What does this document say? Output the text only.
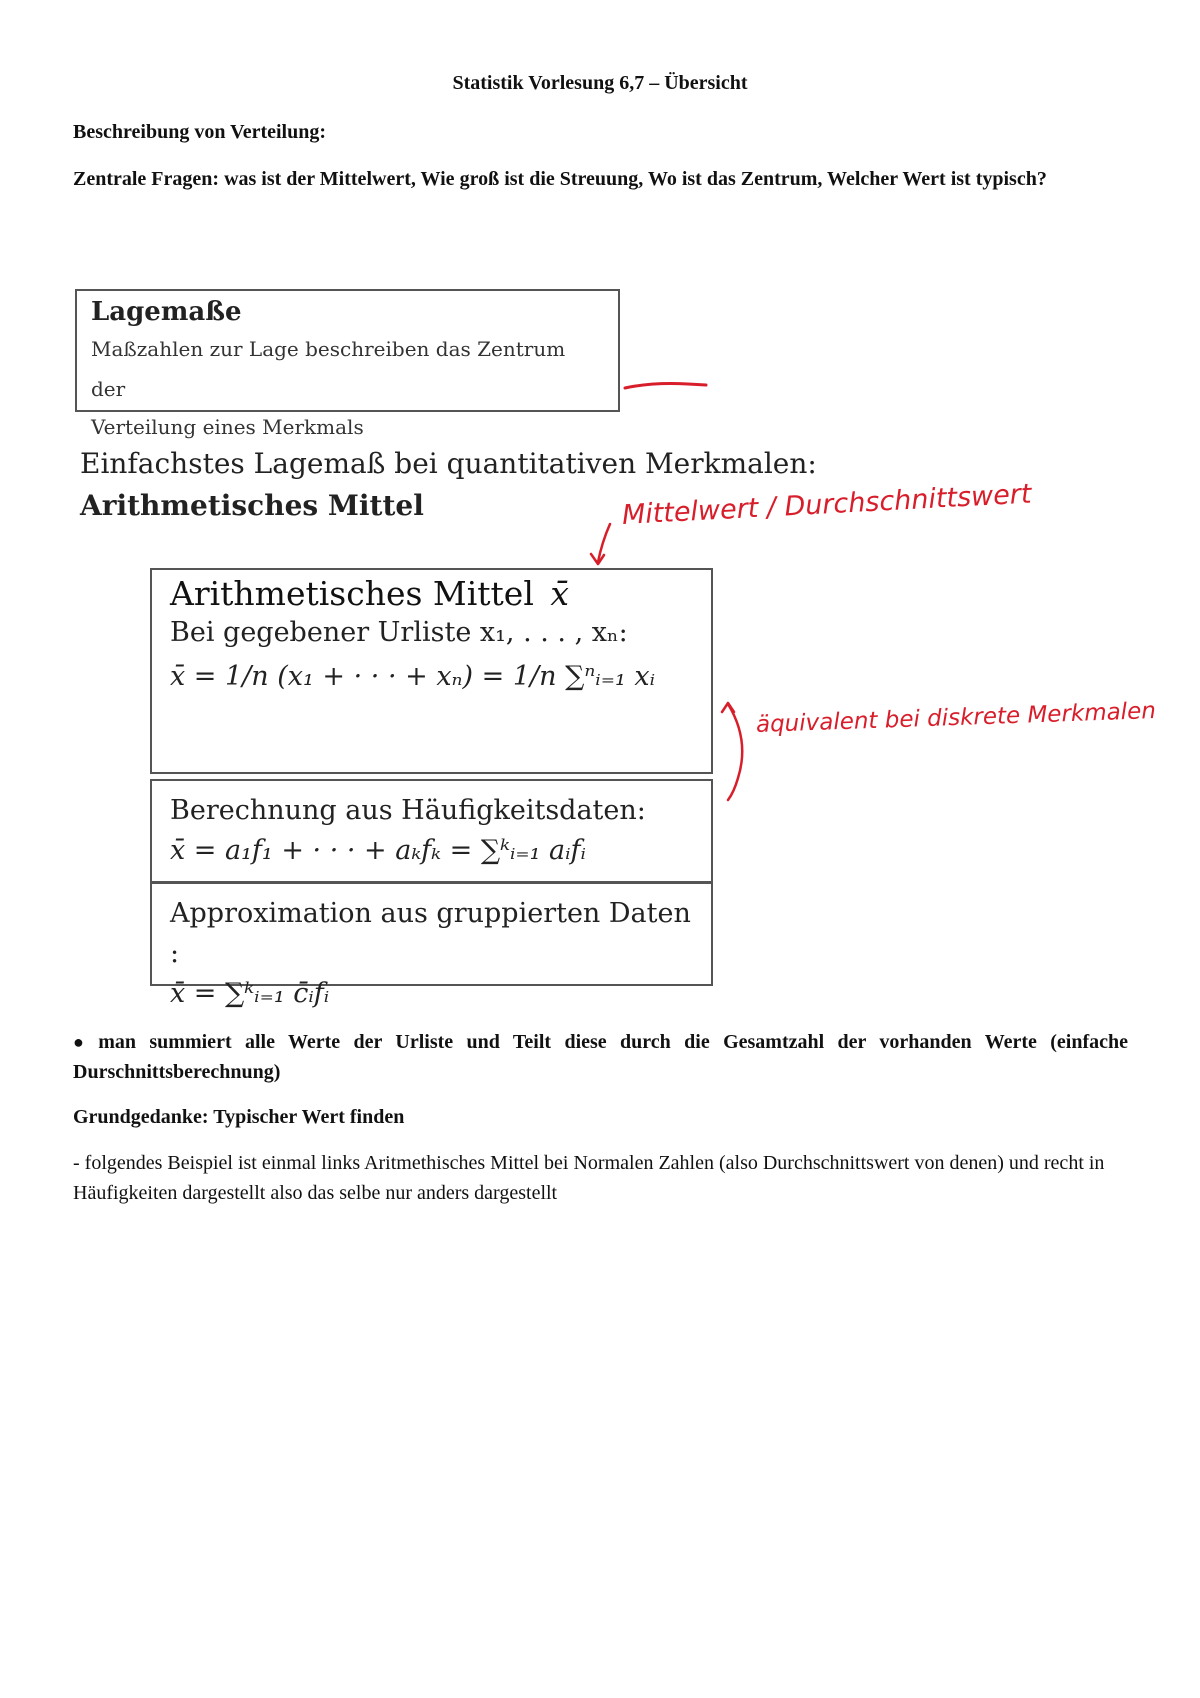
Statistik Vorlesung 6,7 – Übersicht
Beschreibung von Verteilung:
Zentrale Fragen: was ist der Mittelwert, Wie groß ist die Streuung, Wo ist das Zentrum, Welcher Wert ist typisch?
Lagemaße
Maßzahlen zur Lage beschreiben das Zentrum der
Verteilung eines Merkmals
Einfachstes Lagemaß bei quantitativen Merkmalen:
Arithmetisches Mittel	Mittelwert / Durchschnittswert
Arithmetisches Mittel x̄
Bei gegebener Urliste x₁, . . . , xₙ:
x̄ = 1/n (x₁ + · · · + xₙ) = 1/n ∑ⁿᵢ₌₁ xᵢ
Berechnung aus Häufigkeitsdaten:
x̄ = a₁f₁ + · · · + aₖfₖ = ∑ᵏᵢ₌₁ aᵢfᵢ
Approximation aus gruppierten Daten :
x̄ = ∑ᵏᵢ₌₁ c̄ᵢfᵢ
äquivalent bei diskrete Merkmalen
● man summiert alle Werte der Urliste und Teilt diese durch die Gesamtzahl der vorhanden Werte (einfache Durschnittsberechnung)
Grundgedanke: Typischer Wert finden
- folgendes Beispiel ist einmal links Aritmethisches Mittel bei Normalen Zahlen (also Durchschnittswert von denen) und recht in Häufigkeiten dargestellt also das selbe nur anders dargestellt
